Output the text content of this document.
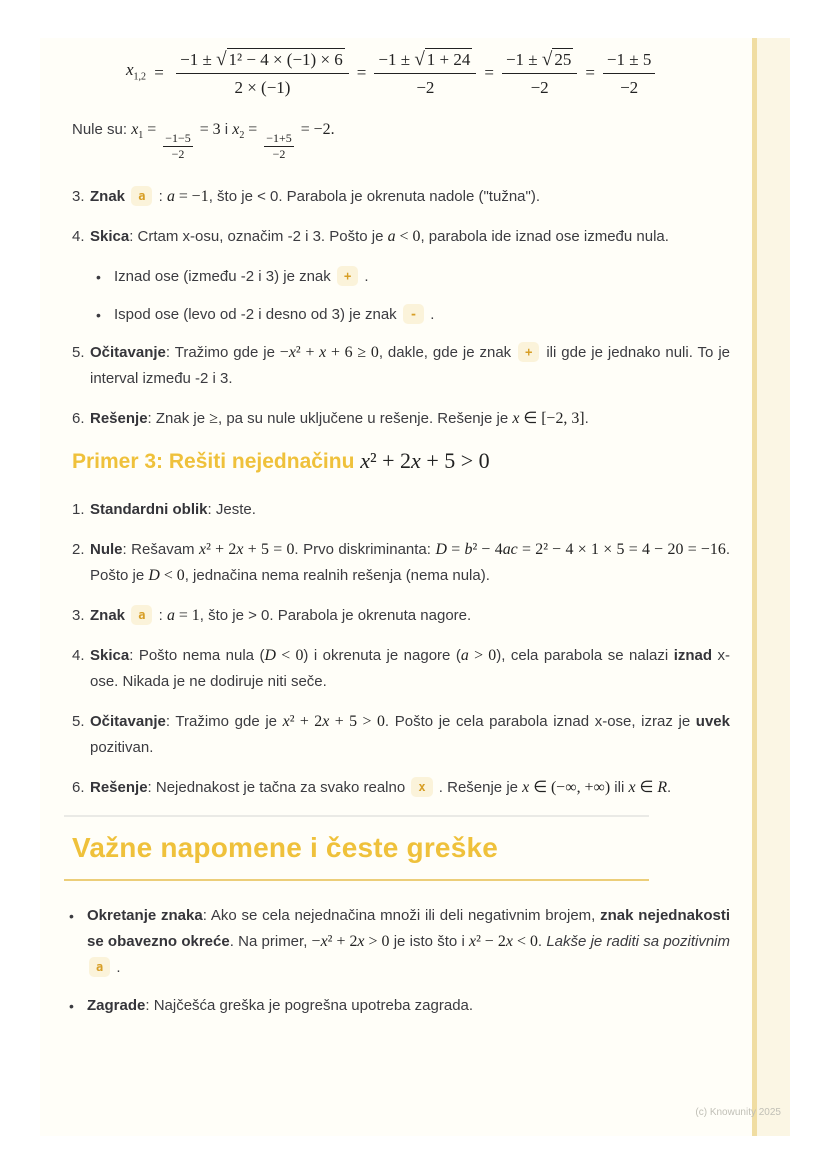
$x_{1,2} = \frac{\text{−1 ± √ 1² − 4 × (−1) × 6}}{2 \times (-1)} = \frac{-1 \pm √ 1 + 24}{-2} = \frac{-1 \pm √ 25}{-2} = \frac{-1 \pm 5}{-2}$
Nule su: $x_1$ =
$\frac{-1-5}{-2}$
= 3 i $x_2$ =
$\frac{-1+5}{-2}$
= −2.
3. Znak a : a = −1, što je < 0. Parabola je okrenuta nadole ("tužna").
4. Skica: Crtam x-osu, označim -2 i 3. Pošto je a < 0, parabola ide iznad ose između nula.
• Iznad ose (između -2 i 3) je znak + .
• Ispod ose (levo od -2 i desno od 3) je znak - .
5. Očitavanje: Tražimo gde je −x² + x + 6 ≥ 0, dakle, gde je znak + ili gde je jednako nuli. To je interval između -2 i 3.
6. Rešenje: Znak je ≥, pa su nule uključene u rešenje. Rešenje je x ∈ [−2, 3].
Primer 3: Rešiti nejednačinu x² + 2x + 5 > 0
1. Standardni oblik: Jeste.
2. Nule: Rešavam x² + 2x + 5 = 0. Prvo diskriminanta: D = b² − 4ac = 2² − 4 × 1 × 5 = 4 − 20 = −16. Pošto je D < 0, jednačina nema realnih rešenja (nema nula).
3. Znak a : a = 1, što je > 0. Parabola je okrenuta nagore.
4. Skica: Pošto nema nula (D < 0) i okrenuta je nagore (a > 0), cela parabola se nalazi iznad x-ose. Nikada je ne dodiruje niti seče.
5. Očitavanje: Tražimo gde je x² + 2x + 5 > 0. Pošto je cela parabola iznad x-ose, izraz je uvek pozitivan.
6. Rešenje: Nejednakost je tačna za svako realno x . Rešenje je x ∈ (−∞, +∞) ili x ∈ R.
Važne napomene i česte greške
• Okretanje znaka: Ako se cela nejednačina množi ili deli negativnim brojem, znak nejednakosti se obavezno okreće. Na primer, −x² + 2x > 0 je isto što i x² − 2x < 0. Lakše je raditi sa pozitivnim a .
• Zagrade: Najčešća greška je pogrešna upotreba zagrada.
(c) Knowunity 2025
